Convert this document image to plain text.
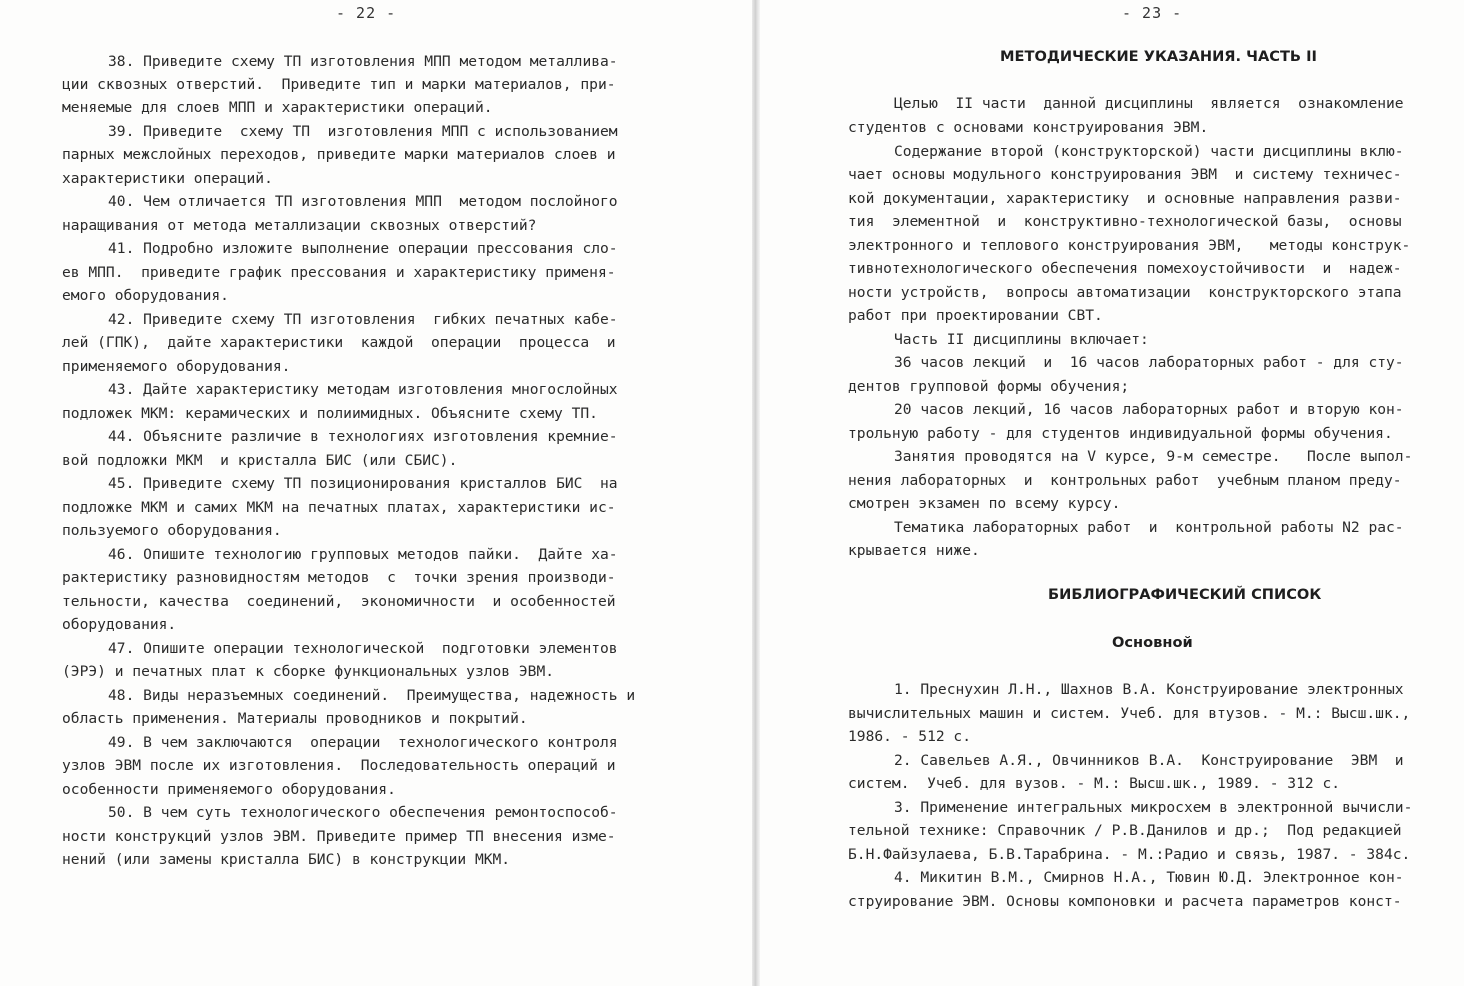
- 22 -
38. Приведите схему ТП изготовления МПП методом металлива-
ции сквозных отверстий.  Приведите тип и марки материалов, при-
меняемые для слоев МПП и характеристики операций.
39. Приведите  схему ТП  изготовления МПП с использованием
парных межслойных переходов, приведите марки материалов слоев и
характеристики операций.
40. Чем отличается ТП изготовления МПП  методом послойного
наращивания от метода металлизации сквозных отверстий?
41. Подробно изложите выполнение операции прессования сло-
ев МПП.  приведите график прессования и характеристику применя-
емого оборудования.
42. Приведите схему ТП изготовления  гибких печатных кабе-
лей (ГПК),  дайте характеристики  каждой  операции  процесса  и
применяемого оборудования.
43. Дайте характеристику методам изготовления многослойных
подложек МКМ: керамических и полиимидных. Объясните схему ТП.
44. Объясните различие в технологиях изготовления кремние-
вой подложки МКМ  и кристалла БИС (или СБИС).
45. Приведите схему ТП позиционирования кристаллов БИС  на
подложке МКМ и самих МКМ на печатных платах, характеристики ис-
пользуемого оборудования.
46. Опишите технологию групповых методов пайки.  Дайте ха-
рактеристику разновидностям методов  с  точки зрения производи-
тельности, качества  соединений,  экономичности  и особенностей
оборудования.
47. Опишите операции технологической  подготовки элементов
(ЭРЭ) и печатных плат к сборке функциональных узлов ЭВМ.
48. Виды неразъемных соединений.  Преимущества, надежность и
область применения. Материалы проводников и покрытий.
49. В чем заключаются  операции  технологического контроля
узлов ЭВМ после их изготовления.  Последовательность операций и
особенности применяемого оборудования.
50. В чем суть технологического обеспечения ремонтоспособ-
ности конструкций узлов ЭВМ. Приведите пример ТП внесения изме-
нений (или замены кристалла БИС) в конструкции МКМ.
- 23 -
МЕТОДИЧЕСКИЕ УКАЗАНИЯ. ЧАСТЬ II
Целью  II части  данной дисциплины  является  ознакомление
студентов с основами конструирования ЭВМ.
Содержание второй (конструкторской) части дисциплины вклю-
чает основы модульного конструирования ЭВМ  и систему техничес-
кой документации, характеристику  и основные направления разви-
тия  элементной  и  конструктивно-технологической базы,  основы
электронного и теплового конструирования ЭВМ,   методы конструк-
тивнотехнологического обеспечения помехоустойчивости  и  надеж-
ности устройств,  вопросы автоматизации  конструкторского этапа
работ при проектировании СВТ.
Часть II дисциплины включает:
36 часов лекций  и  16 часов лабораторных работ - для сту-
дентов групповой формы обучения;
20 часов лекций, 16 часов лабораторных работ и вторую кон-
трольную работу - для студентов индивидуальной формы обучения.
Занятия проводятся на V курсе, 9-м семестре.   После выпол-
нения лабораторных  и  контрольных работ  учебным планом преду-
смотрен экзамен по всему курсу.
Тематика лабораторных работ  и  контрольной работы N2 рас-
крывается ниже.
БИБЛИОГРАФИЧЕСКИЙ СПИСОК
Основной
1. Преснухин Л.Н., Шахнов В.А. Конструирование электронных
вычислительных машин и систем. Учеб. для втузов. - М.: Высш.шк.,
1986. - 512 с.
2. Савельев А.Я., Овчинников В.А.  Конструирование  ЭВМ  и
систем.  Учеб. для вузов. - М.: Высш.шк., 1989. - 312 с.
3. Применение интегральных микросхем в электронной вычисли-
тельной технике: Справочник / Р.В.Данилов и др.;  Под редакцией
Б.Н.Файзулаева, Б.В.Тарабрина. - М.:Радио и связь, 1987. - 384с.
4. Микитин В.М., Смирнов Н.А., Тювин Ю.Д. Электронное кон-
струирование ЭВМ. Основы компоновки и расчета параметров конст-
